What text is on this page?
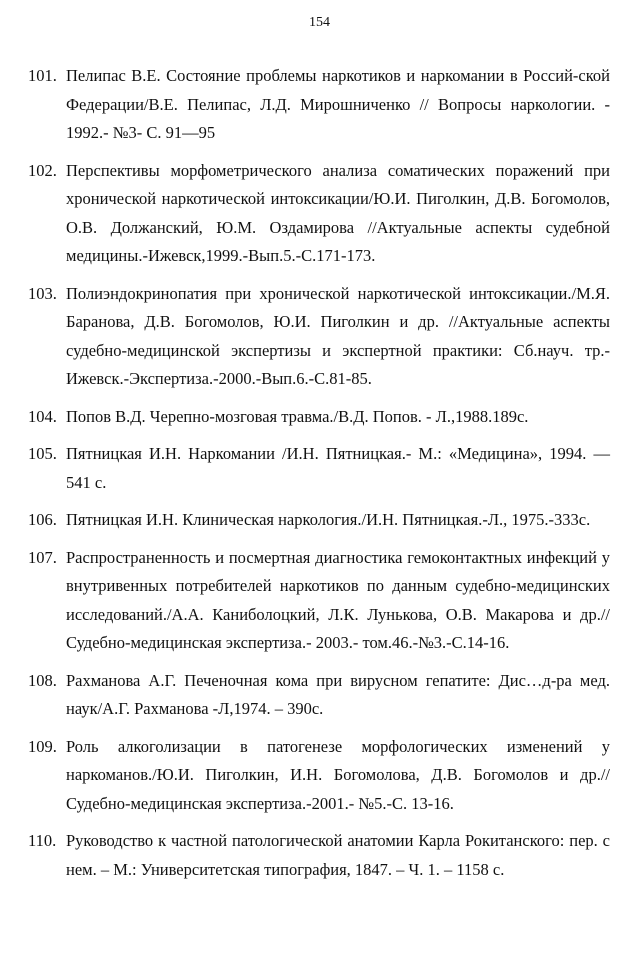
154
101. Пелипас В.Е. Состояние проблемы наркотиков и наркомании в Россий-ской Федерации/В.Е. Пелипас, Л.Д. Мирошниченко // Вопросы наркологии. - 1992.- №3- С. 91—95
102. Перспективы морфометрического анализа соматических поражений при хронической наркотической интоксикации/Ю.И. Пиголкин, Д.В. Богомолов, О.В. Должанский, Ю.М. Оздамирова //Актуальные аспекты судебной медицины.-Ижевск,1999.-Вып.5.-С.171-173.
103. Полиэндокринопатия при хронической наркотической интоксикации./М.Я. Баранова, Д.В. Богомолов, Ю.И. Пиголкин и др. //Актуальные аспекты судебно-медицинской экспертизы и экспертной практики: Сб.науч. тр.-Ижевск.-Экспертиза.-2000.-Вып.6.-С.81-85.
104. Попов В.Д. Черепно-мозговая травма./В.Д. Попов. - Л.,1988.189с.
105. Пятницкая И.Н. Наркомании /И.Н. Пятницкая.- М.: «Медицина», 1994. — 541 с.
106. Пятницкая И.Н. Клиническая наркология./И.Н. Пятницкая.-Л., 1975.-333с.
107. Распространенность и посмертная диагностика гемоконтактных инфекций у внутривенных потребителей наркотиков по данным судебно-медицинских исследований./А.А. Каниболоцкий, Л.К. Лунькова, О.В. Макарова и др.// Судебно-медицинская экспертиза.- 2003.- том.46.-№3.-С.14-16.
108. Рахманова А.Г. Печеночная кома при вирусном гепатите: Дис…д-ра мед. наук/А.Г. Рахманова -Л,1974. – 390с.
109. Роль алкоголизации в патогенезе морфологических изменений у наркоманов./Ю.И. Пиголкин, И.Н. Богомолова, Д.В. Богомолов и др.//Судебно-медицинская экспертиза.-2001.- №5.-С. 13-16.
110. Руководство к частной патологической анатомии Карла Рокитанского: пер. с нем. – М.: Университетская типография, 1847. – Ч. 1. – 1158 с.
